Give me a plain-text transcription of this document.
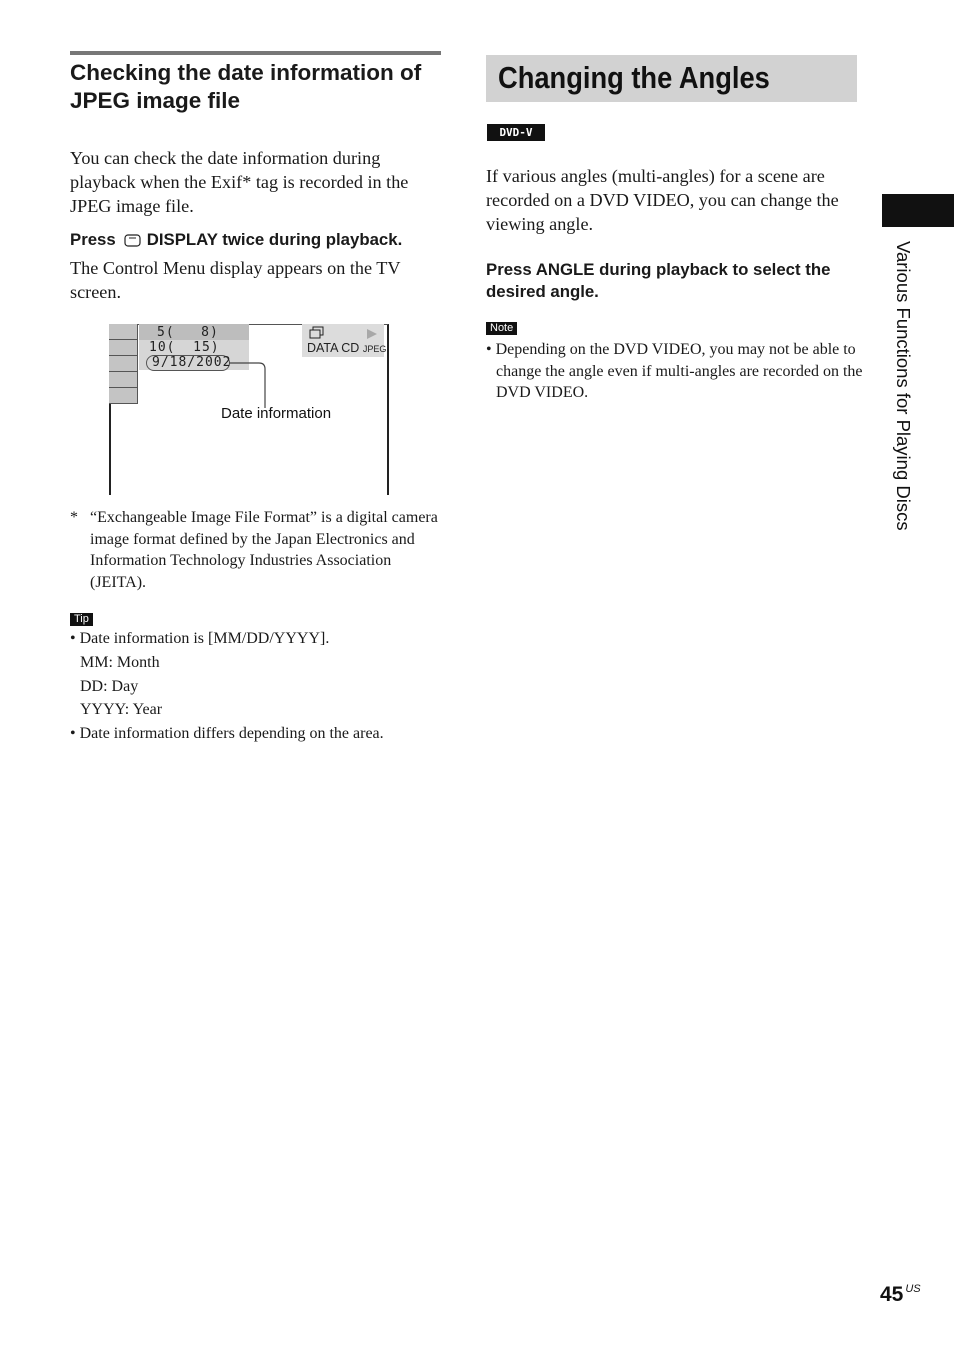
Checking the date information of JPEG image file
You can check the date information during playback when the Exif* tag is recorded in the JPEG image file.
Press DISPLAY twice during playback.
The Control Menu display appears on the TV screen.
5(   8)
10(  15)
9/18/2002
DATA CD JPEG
Date information
* “Exchangeable Image File Format” is a digital camera image format defined by the Japan Electronics and Information Technology Industries Association (JEITA).
Tip
• Date information is [MM/DD/YYYY].
MM: Month
DD: Day
YYYY: Year
• Date information differs depending on the area.
Changing the Angles
DVD-V
If various angles (multi-angles) for a scene are recorded on a DVD VIDEO, you can change the viewing angle.
Press ANGLE during playback to select the desired angle.
Note
• Depending on the DVD VIDEO, you may not be able to change the angle even if multi-angles are recorded on the DVD VIDEO.	Various Functions for Playing Discs
45 $^{US}$
